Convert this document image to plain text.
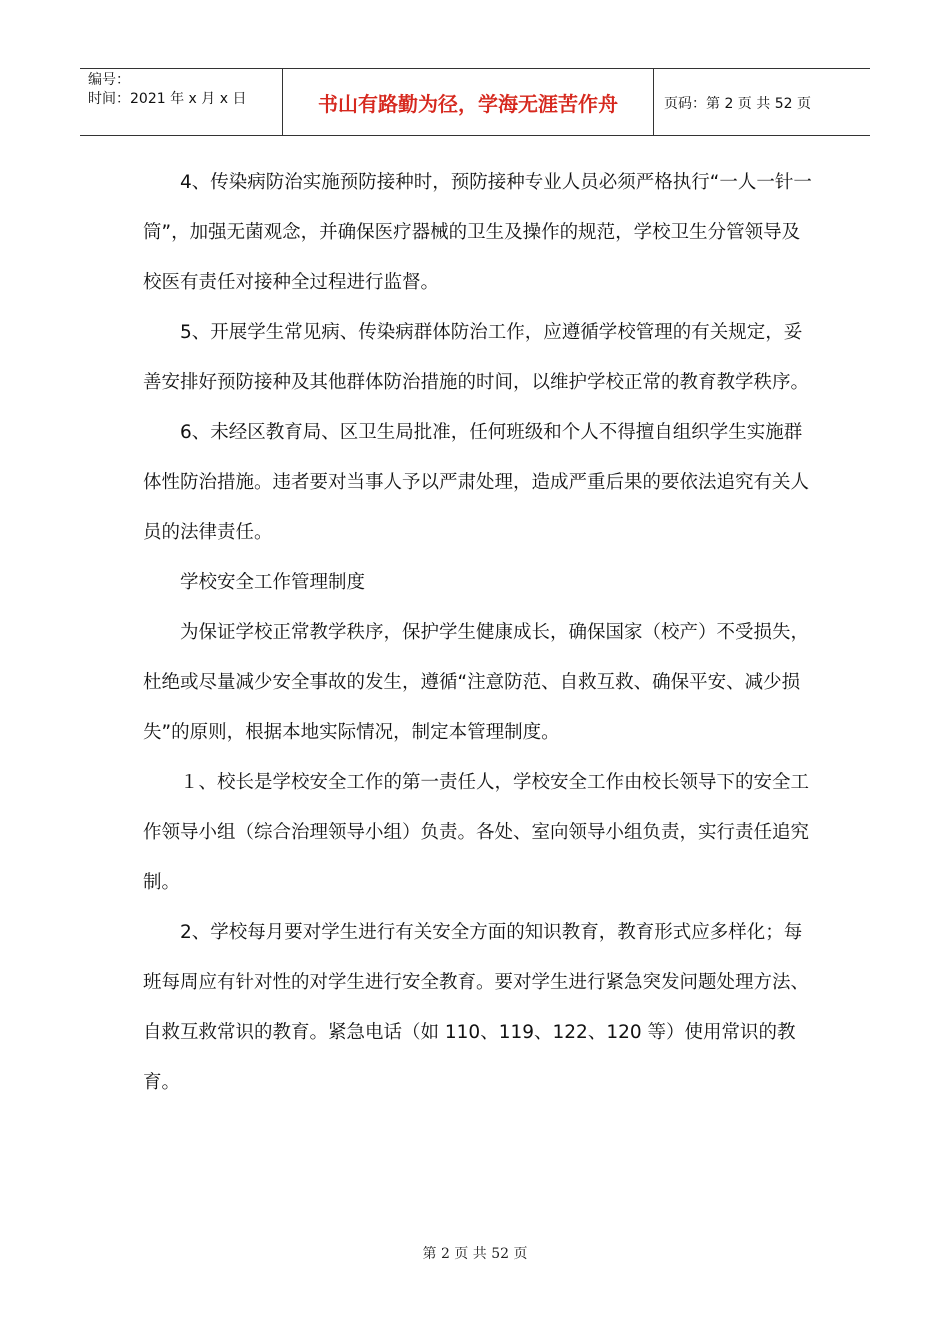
编号：
时间：2021 年 x 月 x 日	书山有路勤为径，学海无涯苦作舟	页码：第 2 页 共 52 页

4、传染病防治实施预防接种时，预防接种专业人员必须严格执行“一人一针一筒”，加强无菌观念，并确保医疗器械的卫生及操作的规范，学校卫生分管领导及校医有责任对接种全过程进行监督。

5、开展学生常见病、传染病群体防治工作，应遵循学校管理的有关规定，妥善安排好预防接种及其他群体防治措施的时间，以维护学校正常的教育教学秩序。

6、未经区教育局、区卫生局批准，任何班级和个人不得擅自组织学生实施群体性防治措施。违者要对当事人予以严肃处理，造成严重后果的要依法追究有关人员的法律责任。

学校安全工作管理制度

为保证学校正常教学秩序，保护学生健康成长，确保国家（校产）不受损失，杜绝或尽量减少安全事故的发生，遵循“注意防范、自救互救、确保平安、减少损失”的原则，根据本地实际情况，制定本管理制度。

１、校长是学校安全工作的第一责任人，学校安全工作由校长领导下的安全工作领导小组（综合治理领导小组）负责。各处、室向领导小组负责，实行责任追究制。

2、学校每月要对学生进行有关安全方面的知识教育，教育形式应多样化；每班每周应有针对性的对学生进行安全教育。要对学生进行紧急突发问题处理方法、自救互救常识的教育。紧急电话（如 110、119、122、120 等）使用常识的教育。

第 2 页 共 52 页
